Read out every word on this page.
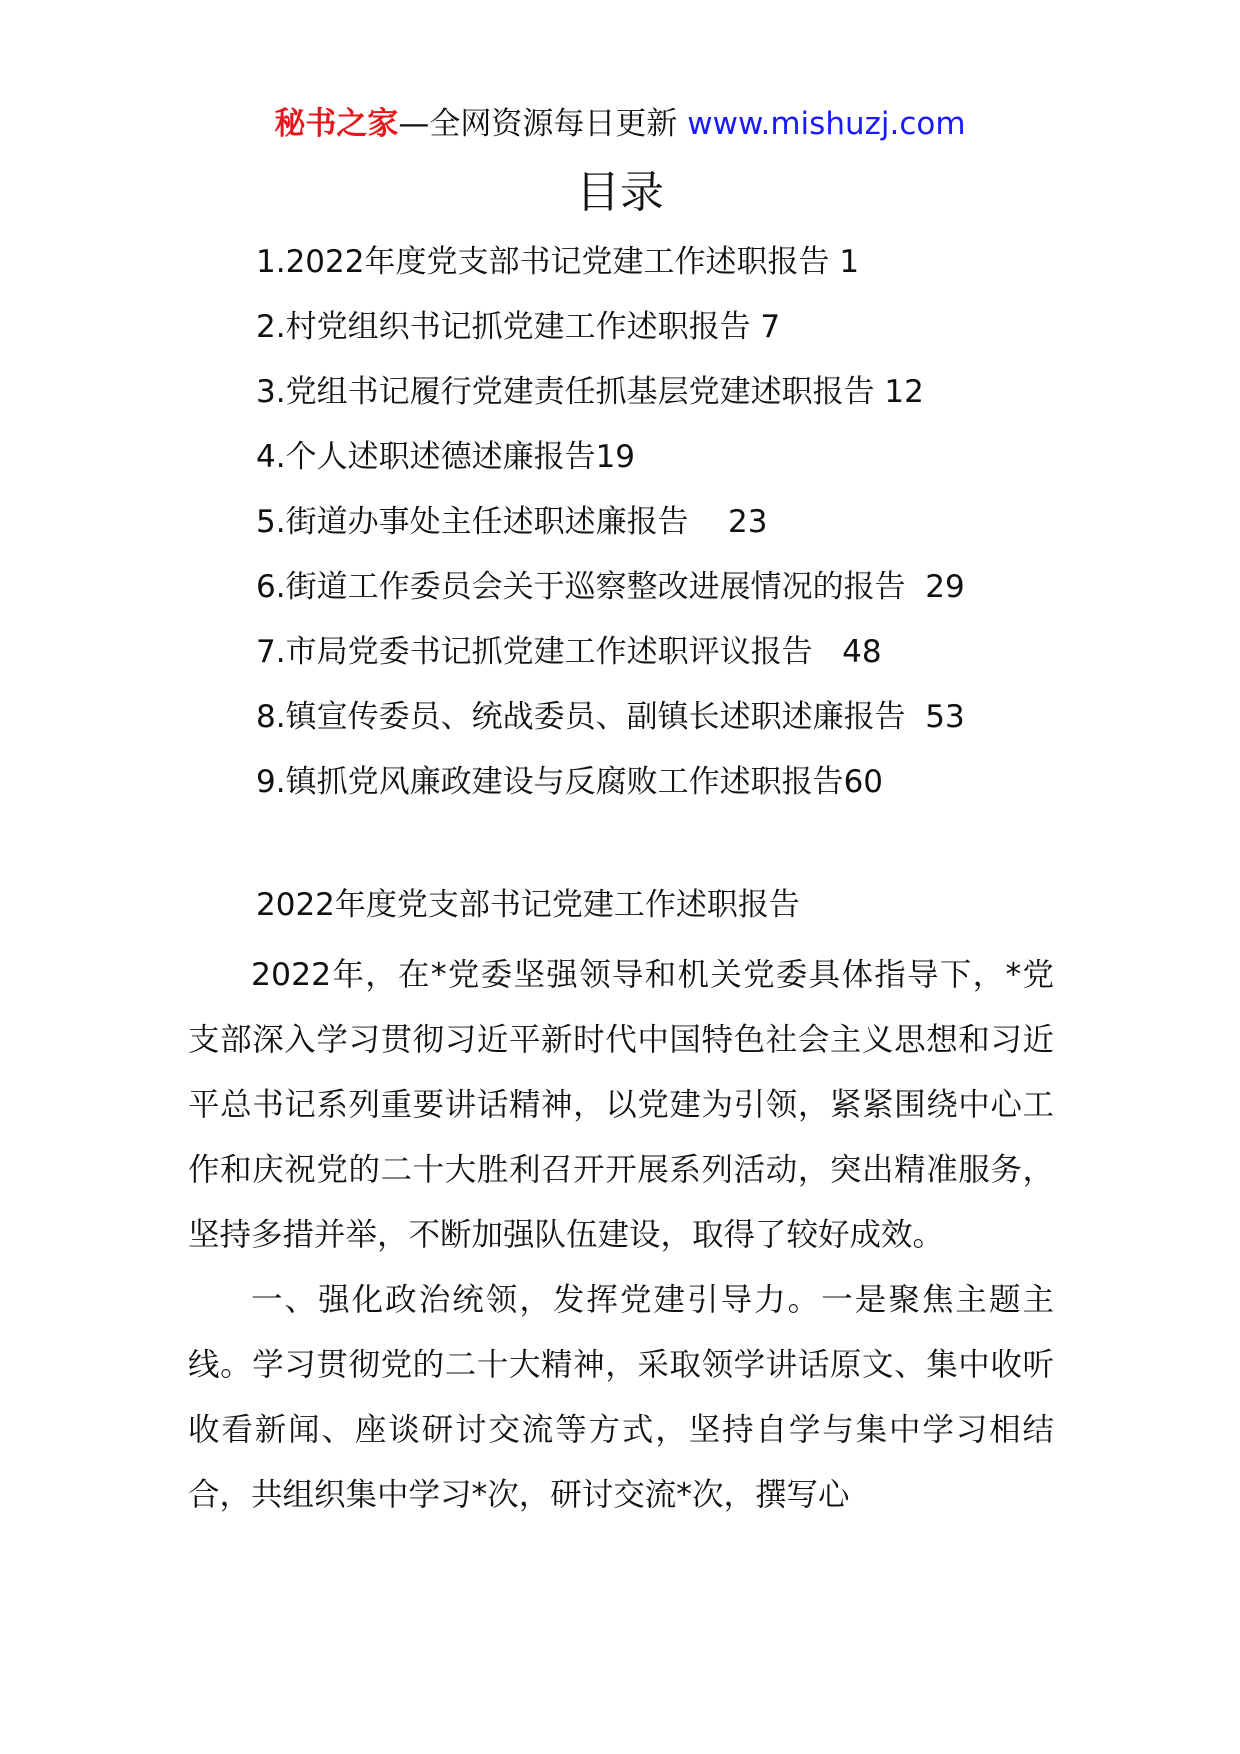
秘书之家—全网资源每日更新 www.mishuzj.com
目录
1.2022年度党支部书记党建工作述职报告 1
2.村党组织书记抓党建工作述职报告 7
3.党组书记履行党建责任抓基层党建述职报告 12
4.个人述职述德述廉报告19
5.街道办事处主任述职述廉报告    23
6.街道工作委员会关于巡察整改进展情况的报告  29
7.市局党委书记抓党建工作述职评议报告   48
8.镇宣传委员、统战委员、副镇长述职述廉报告  53
9.镇抓党风廉政建设与反腐败工作述职报告60
2022年度党支部书记党建工作述职报告

2022年，在*党委坚强领导和机关党委具体指导下，*党支部深入学习贯彻习近平新时代中国特色社会主义思想和习近平总书记系列重要讲话精神，以党建为引领，紧紧围绕中心工作和庆祝党的二十大胜利召开开展系列活动，突出精准服务，坚持多措并举，不断加强队伍建设，取得了较好成效。

一、强化政治统领，发挥党建引导力。一是聚焦主题主线。学习贯彻党的二十大精神，采取领学讲话原文、集中收听收看新闻、座谈研讨交流等方式，坚持自学与集中学习相结合，共组织集中学习*次，研讨交流*次，撰写心
